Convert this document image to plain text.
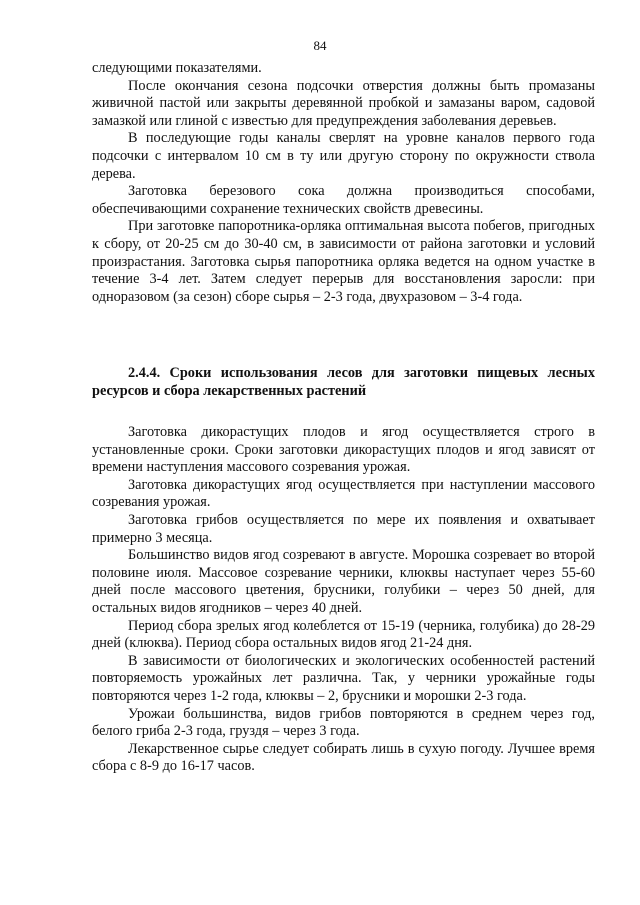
84

следующими показателями.

После окончания сезона подсочки отверстия должны быть промазаны живичной пастой или закрыты деревянной пробкой и замазаны варом, садовой замазкой или глиной с известью для предупреждения заболевания деревьев.

В последующие годы каналы сверлят на уровне каналов первого года подсочки с интервалом 10 см в ту или другую сторону по окружности ствола дерева.

Заготовка березового сока должна производиться способами, обеспечивающими сохранение технических свойств древесины.

При заготовке папоротника-орляка оптимальная высота побегов, пригодных к сбору, от 20-25 см до 30-40 см, в зависимости от района заготовки и условий произрастания. Заготовка сырья папоротника орляка ведется на одном участке в течение 3-4 лет. Затем следует перерыв для восстановления заросли: при одноразовом (за сезон) сборе сырья – 2-3 года, двухразовом – 3-4 года.

2.4.4. Сроки использования лесов для заготовки пищевых лесных ресурсов и сбора лекарственных растений

Заготовка дикорастущих плодов и ягод осуществляется строго в установленные сроки. Сроки заготовки дикорастущих плодов и ягод зависят от времени наступления массового созревания урожая.

Заготовка дикорастущих ягод осуществляется при наступлении массового созревания урожая.

Заготовка грибов осуществляется по мере их появления и охватывает примерно 3 месяца.

Большинство видов ягод созревают в августе. Морошка созревает во второй половине июля. Массовое созревание черники, клюквы наступает через 55-60 дней после массового цветения, брусники, голубики – через 50 дней, для остальных видов ягодников – через 40 дней.

Период сбора зрелых ягод колеблется от 15-19 (черника, голубика) до 28-29 дней (клюква). Период сбора остальных видов ягод 21-24 дня.

В зависимости от биологических и экологических особенностей растений повторяемость урожайных лет различна. Так, у черники урожайные годы повторяются через 1-2 года, клюквы – 2, брусники и морошки 2-3 года.

Урожаи большинства, видов грибов повторяются в среднем через год, белого гриба 2-3 года, груздя – через 3 года.

Лекарственное сырье следует собирать лишь в сухую погоду. Лучшее время сбора с 8-9 до 16-17 часов.
